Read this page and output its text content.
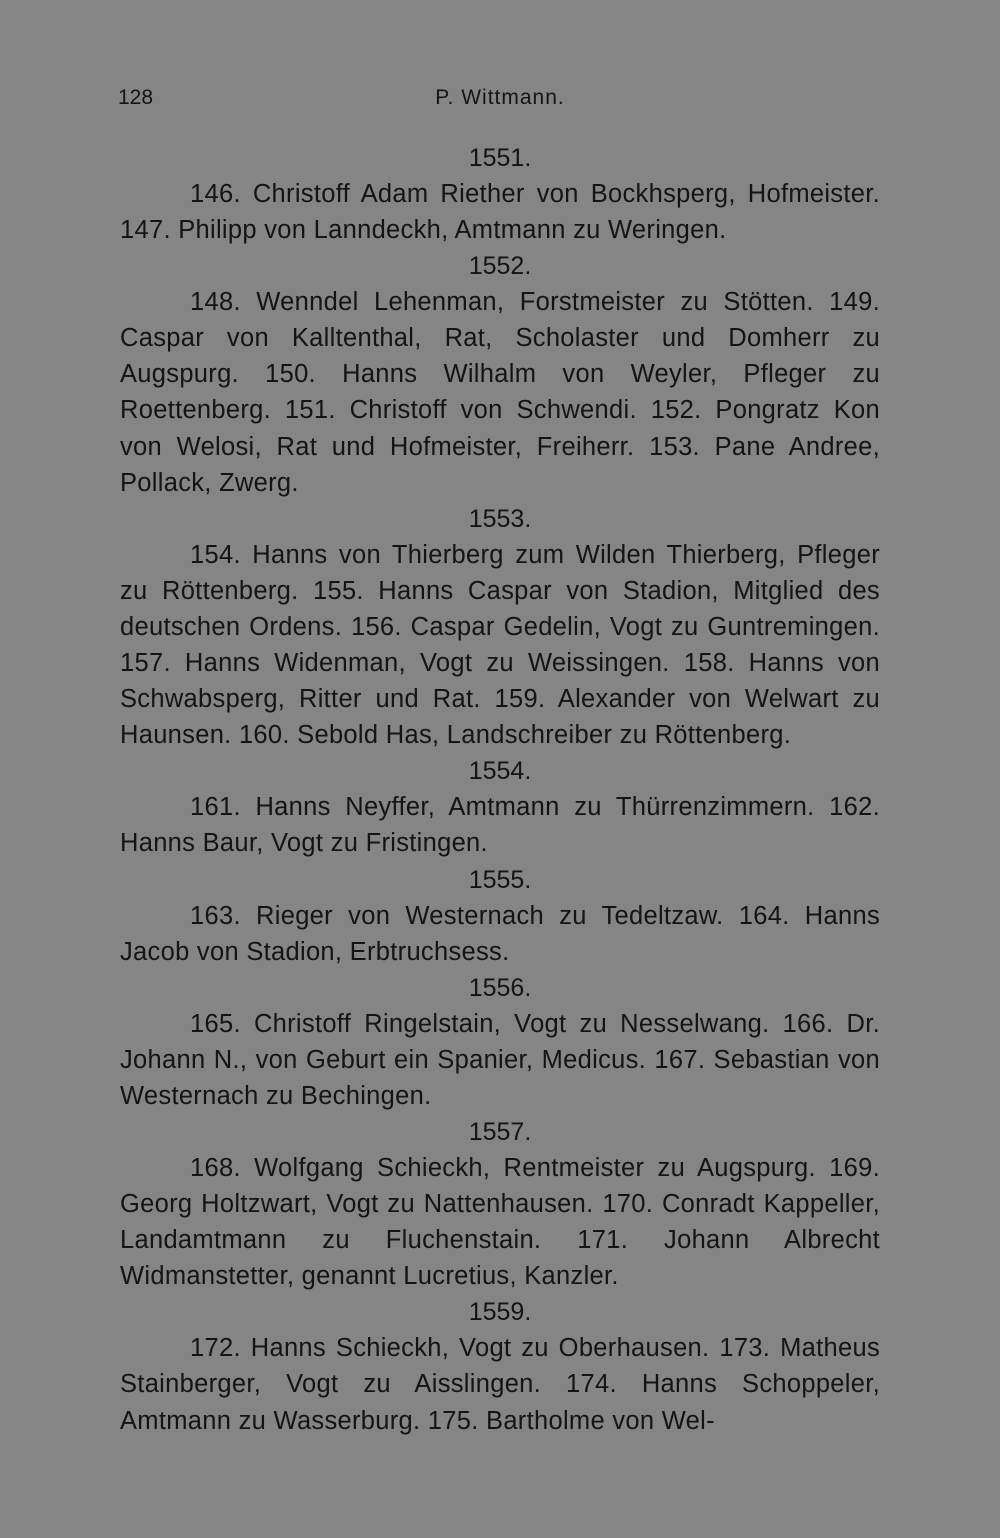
128	P. Wittmann.

1551.

146. Christoff Adam Riether von Bockhsperg, Hofmeister. 147. Philipp von Lanndeckh, Amtmann zu Weringen.

1552.

148. Wenndel Lehenman, Forstmeister zu Stötten. 149. Caspar von Kalltenthal, Rat, Scholaster und Domherr zu Augspurg. 150. Hanns Wilhalm von Weyler, Pfleger zu Roettenberg. 151. Christoff von Schwendi. 152. Pongratz Kon von Welosi, Rat und Hofmeister, Freiherr. 153. Pane Andree, Pollack, Zwerg.

1553.

154. Hanns von Thierberg zum Wilden Thierberg, Pfleger zu Röttenberg. 155. Hanns Caspar von Stadion, Mitglied des deutschen Ordens. 156. Caspar Gedelin, Vogt zu Guntremingen. 157. Hanns Widenman, Vogt zu Weissingen. 158. Hanns von Schwabsperg, Ritter und Rat. 159. Alexander von Welwart zu Haunsen. 160. Sebold Has, Landschreiber zu Röttenberg.

1554.

161. Hanns Neyffer, Amtmann zu Thürrenzimmern. 162. Hanns Baur, Vogt zu Fristingen.

1555.

163. Rieger von Westernach zu Tedeltzaw. 164. Hanns Jacob von Stadion, Erbtruchsess.

1556.

165. Christoff Ringelstain, Vogt zu Nesselwang. 166. Dr. Johann N., von Geburt ein Spanier, Medicus. 167. Sebastian von Westernach zu Bechingen.

1557.

168. Wolfgang Schieckh, Rentmeister zu Augspurg. 169. Georg Holtzwart, Vogt zu Nattenhausen. 170. Conradt Kappeller, Landamtmann zu Fluchenstain. 171. Johann Albrecht Widmanstetter, genannt Lucretius, Kanzler.

1559.

172. Hanns Schieckh, Vogt zu Oberhausen. 173. Matheus Stainberger, Vogt zu Aisslingen. 174. Hanns Schoppeler, Amtmann zu Wasserburg. 175. Bartholme von Wel-
